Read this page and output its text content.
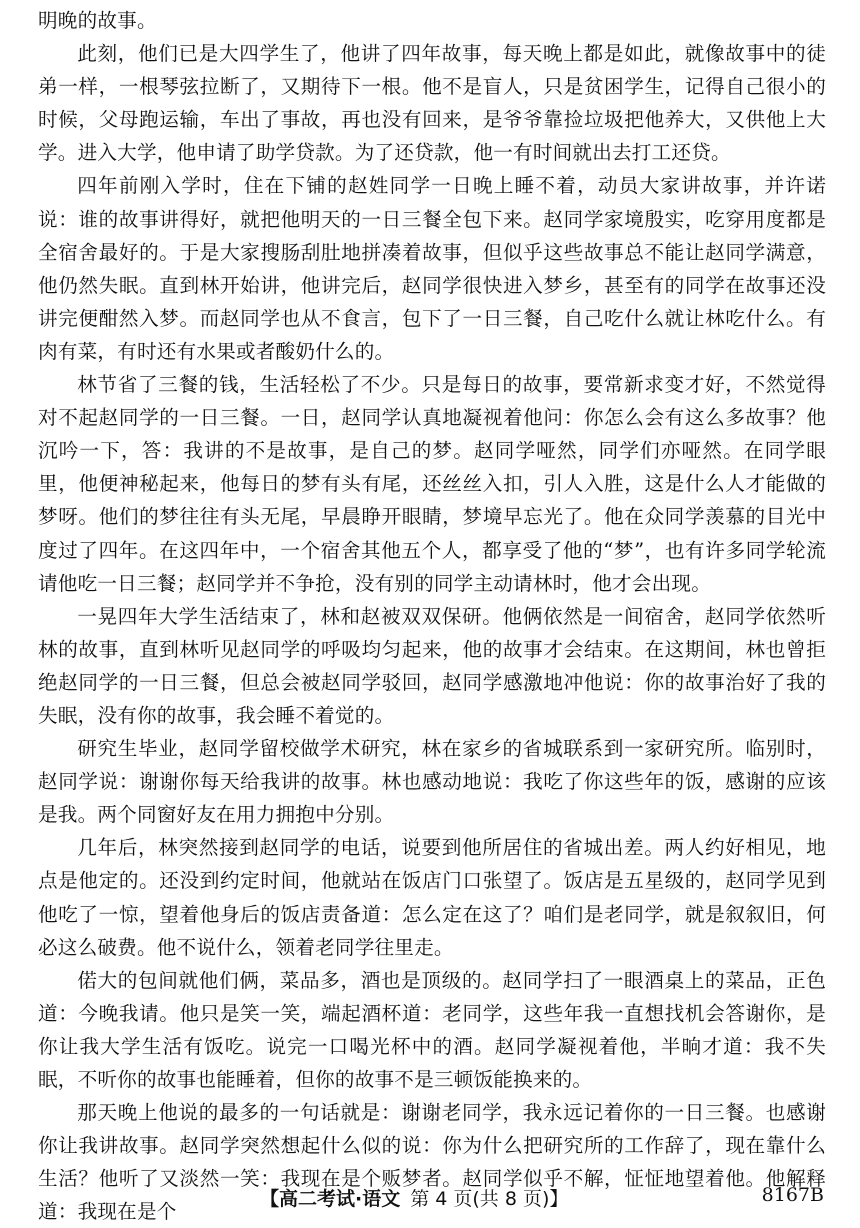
明晚的故事。

此刻，他们已是大四学生了，他讲了四年故事，每天晚上都是如此，就像故事中的徒弟一样，一根琴弦拉断了，又期待下一根。他不是盲人，只是贫困学生，记得自己很小的时候，父母跑运输，车出了事故，再也没有回来，是爷爷靠捡垃圾把他养大，又供他上大学。进入大学，他申请了助学贷款。为了还贷款，他一有时间就出去打工还贷。

四年前刚入学时，住在下铺的赵姓同学一日晚上睡不着，动员大家讲故事，并许诺说：谁的故事讲得好，就把他明天的一日三餐全包下来。赵同学家境殷实，吃穿用度都是全宿舍最好的。于是大家搜肠刮肚地拼凑着故事，但似乎这些故事总不能让赵同学满意，他仍然失眠。直到林开始讲，他讲完后，赵同学很快进入梦乡，甚至有的同学在故事还没讲完便酣然入梦。而赵同学也从不食言，包下了一日三餐，自己吃什么就让林吃什么。有肉有菜，有时还有水果或者酸奶什么的。

林节省了三餐的钱，生活轻松了不少。只是每日的故事，要常新求变才好，不然觉得对不起赵同学的一日三餐。一日，赵同学认真地凝视着他问：你怎么会有这么多故事？他沉吟一下，答：我讲的不是故事，是自己的梦。赵同学哑然，同学们亦哑然。在同学眼里，他便神秘起来，他每日的梦有头有尾，还丝丝入扣，引人入胜，这是什么人才能做的梦呀。他们的梦往往有头无尾，早晨睁开眼睛，梦境早忘光了。他在众同学羡慕的目光中度过了四年。在这四年中，一个宿舍其他五个人，都享受了他的“梦”，也有许多同学轮流请他吃一日三餐；赵同学并不争抢，没有别的同学主动请林时，他才会出现。

一晃四年大学生活结束了，林和赵被双双保研。他俩依然是一间宿舍，赵同学依然听林的故事，直到林听见赵同学的呼吸均匀起来，他的故事才会结束。在这期间，林也曾拒绝赵同学的一日三餐，但总会被赵同学驳回，赵同学感激地冲他说：你的故事治好了我的失眠，没有你的故事，我会睡不着觉的。

研究生毕业，赵同学留校做学术研究，林在家乡的省城联系到一家研究所。临别时，赵同学说：谢谢你每天给我讲的故事。林也感动地说：我吃了你这些年的饭，感谢的应该是我。两个同窗好友在用力拥抱中分别。

几年后，林突然接到赵同学的电话，说要到他所居住的省城出差。两人约好相见，地点是他定的。还没到约定时间，他就站在饭店门口张望了。饭店是五星级的，赵同学见到他吃了一惊，望着他身后的饭店责备道：怎么定在这了？咱们是老同学，就是叙叙旧，何必这么破费。他不说什么，领着老同学往里走。

偌大的包间就他们俩，菜品多，酒也是顶级的。赵同学扫了一眼酒桌上的菜品，正色道：今晚我请。他只是笑一笑，端起酒杯道：老同学，这些年我一直想找机会答谢你，是你让我大学生活有饭吃。说完一口喝光杯中的酒。赵同学凝视着他，半晌才道：我不失眠，不听你的故事也能睡着，但你的故事不是三顿饭能换来的。

那天晚上他说的最多的一句话就是：谢谢老同学，我永远记着你的一日三餐。也感谢你让我讲故事。赵同学突然想起什么似的说：你为什么把研究所的工作辞了，现在靠什么生活？他听了又淡然一笑：我现在是个贩梦者。赵同学似乎不解，怔怔地望着他。他解释道：我现在是个

【高二考试·语文 第 4 页(共 8 页)】	8167B
